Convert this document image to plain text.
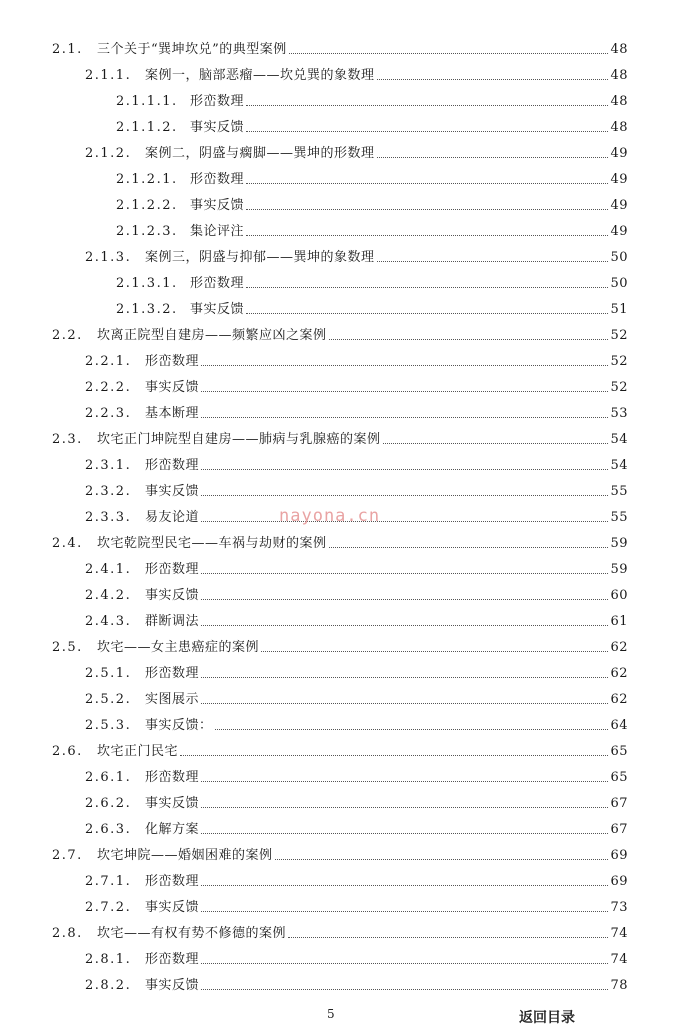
2.1.	三个关于“巽坤坎兑”的典型案例	48
2.1.1.	案例一，脑部恶瘤——坎兑巽的象数理	48
2.1.1.1. 形峦数理	48
2.1.1.2. 事实反馈	48
2.1.2.	案例二，阴盛与瘸脚——巽坤的形数理	49
2.1.2.1. 形峦数理	49
2.1.2.2. 事实反馈	49
2.1.2.3. 集论评注	49
2.1.3.	案例三，阴盛与抑郁——巽坤的象数理	50
2.1.3.1. 形峦数理	50
2.1.3.2. 事实反馈	51
2.2.	坎离正院型自建房——频繁应凶之案例	52
2.2.1.	形峦数理	52
2.2.2.	事实反馈	52
2.2.3.	基本断理	53
2.3.	坎宅正门坤院型自建房——肺病与乳腺癌的案例	54
2.3.1.	形峦数理	54
2.3.2.	事实反馈	55
2.3.3.	易友论道	55
2.4.	坎宅乾院型民宅——车祸与劫财的案例	59
2.4.1.	形峦数理	59
2.4.2.	事实反馈	60
2.4.3.	群断调法	61
2.5.	坎宅——女主患癌症的案例	62
2.5.1.	形峦数理	62
2.5.2.	实图展示	62
2.5.3.	事实反馈：	64
2.6.	坎宅正门民宅	65
2.6.1.	形峦数理	65
2.6.2.	事实反馈	67
2.6.3.	化解方案	67
2.7.	坎宅坤院——婚姻困难的案例	69
2.7.1.	形峦数理	69
2.7.2.	事实反馈	73
2.8.	坎宅——有权有势不修德的案例	74
2.8.1.	形峦数理	74
2.8.2.	事实反馈	78
nayona.cn
5	返回目录
